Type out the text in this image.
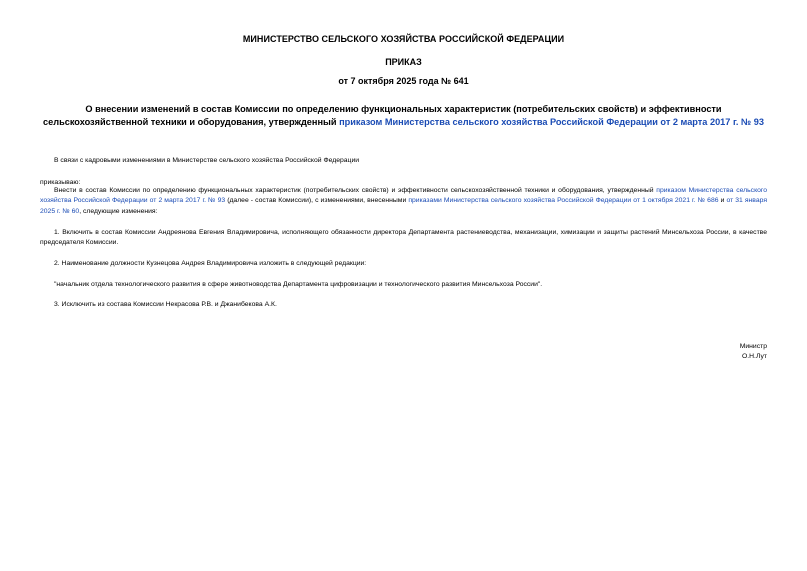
МИНИСТЕРСТВО СЕЛЬСКОГО ХОЗЯЙСТВА РОССИЙСКОЙ ФЕДЕРАЦИИ
ПРИКАЗ
от 7 октября 2025 года № 641
О внесении изменений в состав Комиссии по определению функциональных характеристик (потребительских свойств) и эффективности сельскохозяйственной техники и оборудования, утвержденный приказом Министерства сельского хозяйства Российской Федерации от 2 марта 2017 г. № 93
В связи с кадровыми изменениями в Министерстве сельского хозяйства Российской Федерации
приказываю:
Внести в состав Комиссии по определению функциональных характеристик (потребительских свойств) и эффективности сельскохозяйственной техники и оборудования, утвержденный приказом Министерства сельского хозяйства Российской Федерации от 2 марта 2017 г. № 93 (далее - состав Комиссии), с изменениями, внесенными приказами Министерства сельского хозяйства Российской Федерации от 1 октября 2021 г. № 686 и от 31 января 2025 г. № 60, следующие изменения:
1. Включить в состав Комиссии Андреянова Евгения Владимировича, исполняющего обязанности директора Департамента растениеводства, механизации, химизации и защиты растений Минсельхоза России, в качестве председателя Комиссии.
2. Наименование должности Кузнецова Андрея Владимировича изложить в следующей редакции:
"начальник отдела технологического развития в сфере животноводства Департамента цифровизации и технологического развития Минсельхоза России".
3. Исключить из состава Комиссии Некрасова Р.В. и Джанибекова А.К.
Министр
О.Н.Лут
